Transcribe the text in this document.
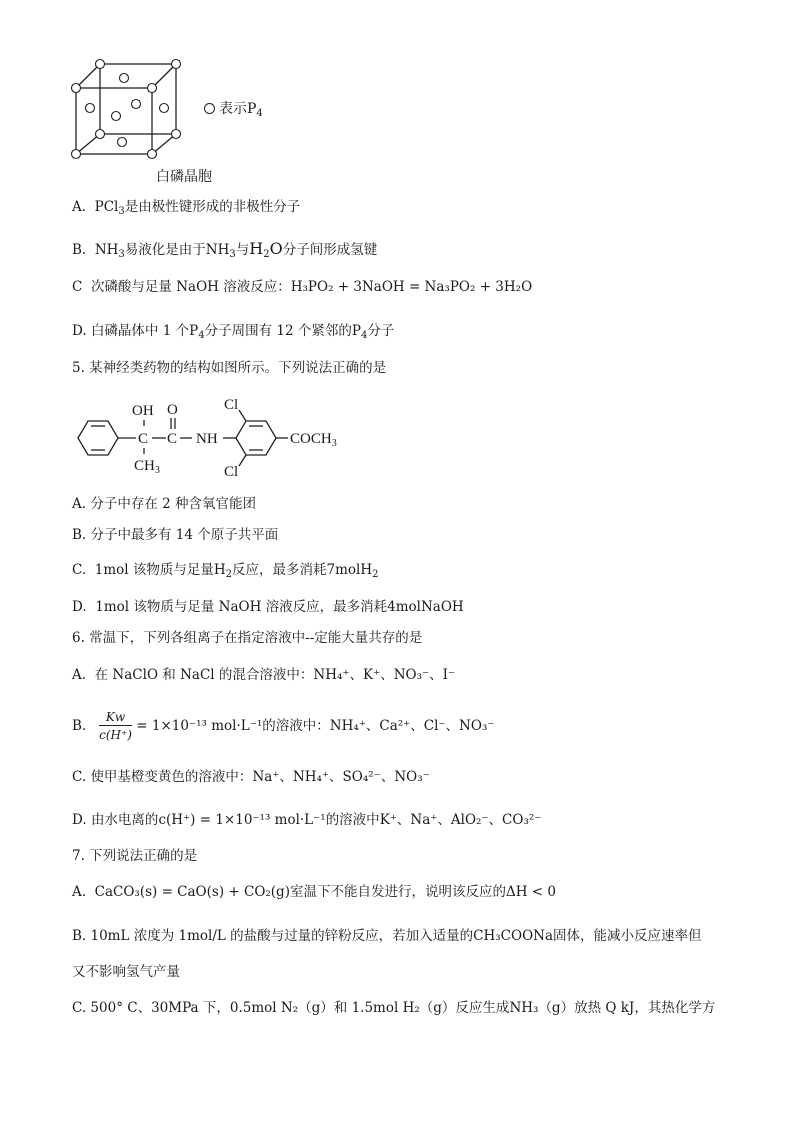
表示$P_4$
白磷晶胞
A. PCl$_3$是由极性键形成的非极性分子
B. $NH_3$易液化是由于$NH_3$与$H_2O$分子间形成氢键
C 次磷酸与足量 NaOH 溶液反应：H₃PO₂ + 3NaOH = Na₃PO₂ + 3H₂O
D. 白磷晶体中 1 个$P_4$分子周围有 12 个紧邻的$P_4$分子
5. 某神经类药物的结构如图所示。下列说法正确的是
OH O	Cl
C C NH
$CH_3$	Cl
$COCH_3$
A. 分子中存在 2 种含氧官能团
B. 分子中最多有 14 个原子共平面
C. 1mol 该物质与足量$H_2$反应，最多消耗7molH$_2$
D. 1mol 该物质与足量 NaOH 溶液反应，最多消耗4molNaOH
6. 常温下，下列各组离子在指定溶液中--定能大量共存的是
A. 在 NaClO 和 NaCl 的混合溶液中：NH₄⁺、K⁺、NO₃⁻、I⁻
B. $\frac{Kw}{c(H^+)} = 1\times 10^{-13}$ mol·L⁻¹的溶液中：NH₄⁺、Ca²⁺、Cl⁻、NO₃⁻
C. 使甲基橙变黄色的溶液中：Na⁺、NH₄⁺、SO₄²⁻、NO₃⁻
D. 由水电离的c(H⁺) = 1×10⁻¹³ mol·L⁻¹的溶液中K⁺、Na⁺、AlO₂⁻、CO₃²⁻
7. 下列说法正确的是
A. CaCO₃(s) = CaO(s) + CO₂(g)室温下不能自发进行，说明该反应的ΔH < 0
B. 10mL 浓度为 1mol/L 的盐酸与过量的锌粉反应，若加入适量的CH₃COONa固体，能减小反应速率但
又不影响氢气产量
C. 500° C、30MPa 下，0.5mol N₂（g）和 1.5mol H₂（g）反应生成NH₃（g）放热 Q kJ，其热化学方
